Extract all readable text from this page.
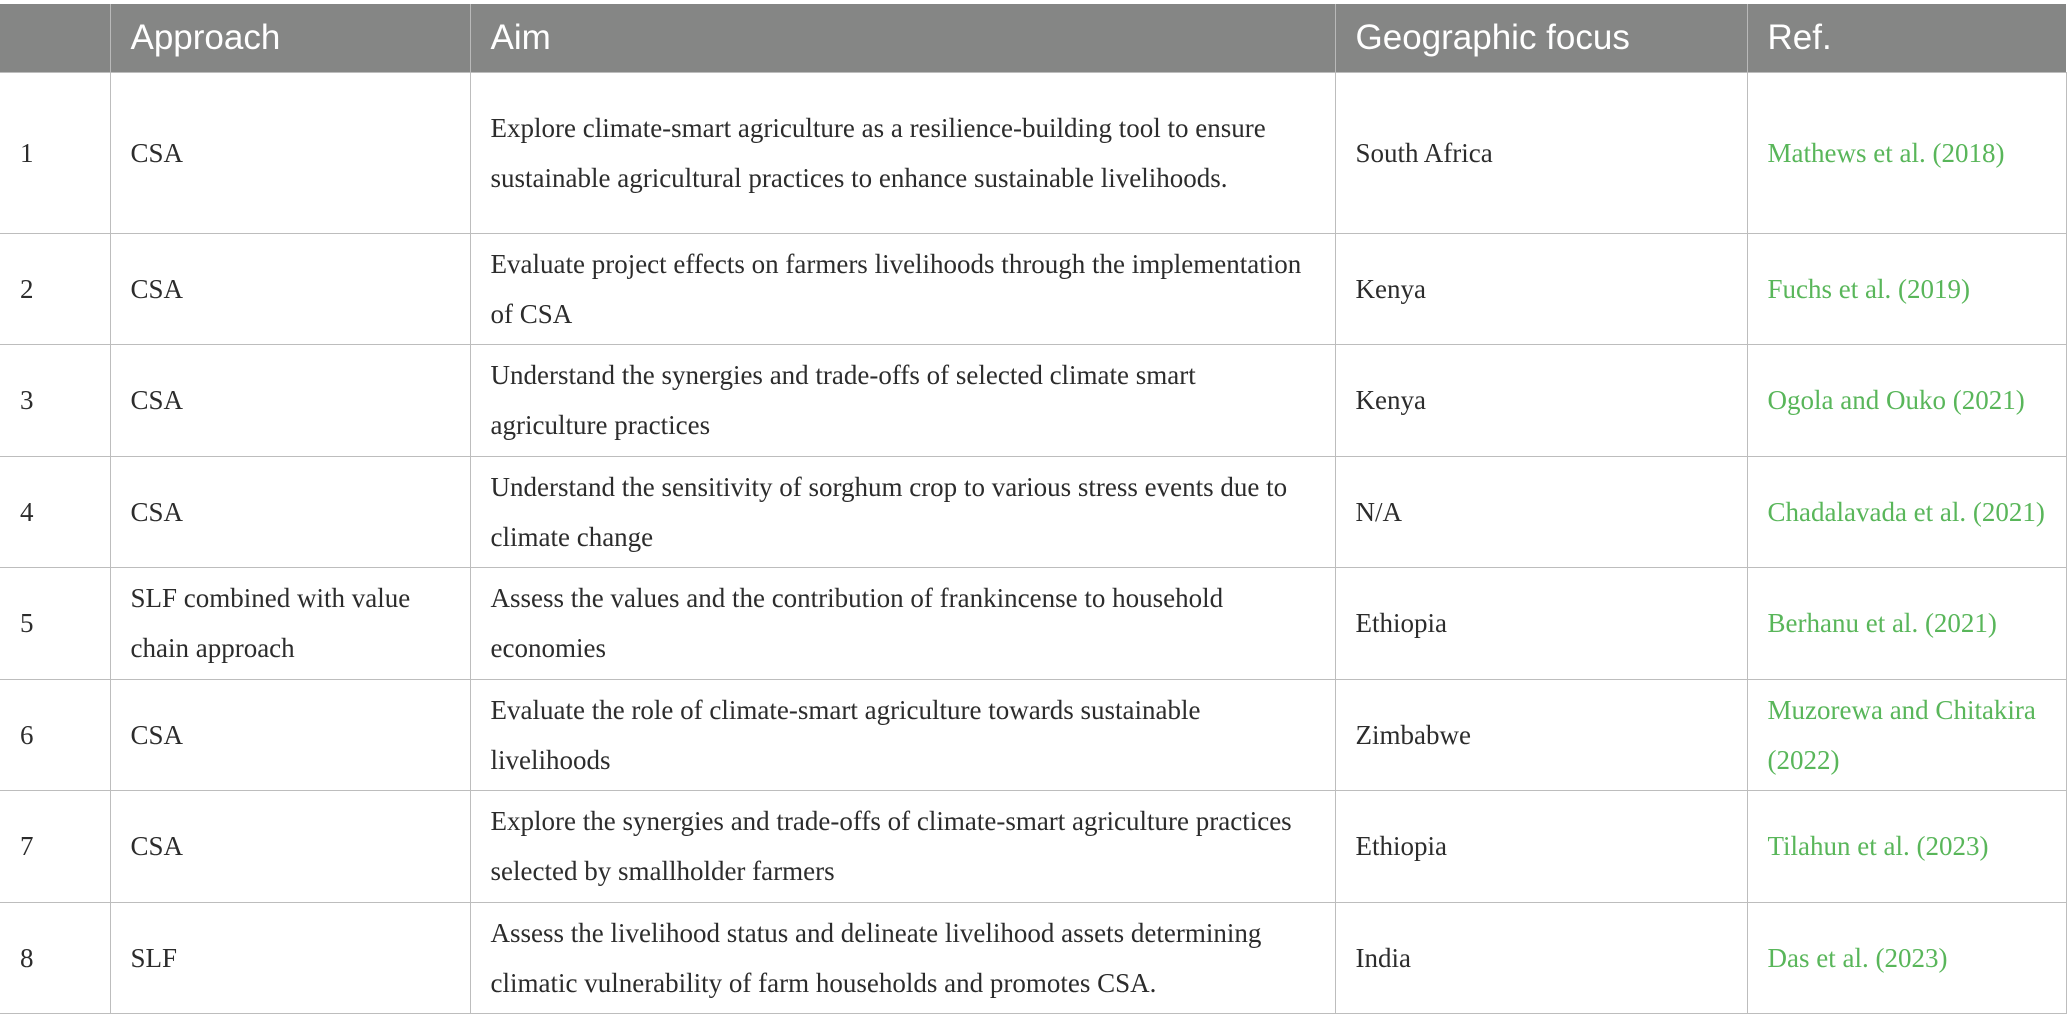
	Approach	Aim	Geographic focus	Ref.
1	CSA	Explore climate-smart agriculture as a resilience-building tool to ensure sustainable agricultural practices to enhance sustainable livelihoods.	South Africa	Mathews et al. (2018)
2	CSA	Evaluate project effects on farmers livelihoods through the implementation of CSA	Kenya	Fuchs et al. (2019)
3	CSA	Understand the synergies and trade-offs of selected climate smart agriculture practices	Kenya	Ogola and Ouko (2021)
4	CSA	Understand the sensitivity of sorghum crop to various stress events due to climate change	N/A	Chadalavada et al. (2021)
5	SLF combined with value chain approach	Assess the values and the contribution of frankincense to household economies	Ethiopia	Berhanu et al. (2021)
6	CSA	Evaluate the role of climate-smart agriculture towards sustainable livelihoods	Zimbabwe	Muzorewa and Chitakira (2022)
7	CSA	Explore the synergies and trade-offs of climate-smart agriculture practices selected by smallholder farmers	Ethiopia	Tilahun et al. (2023)
8	SLF	Assess the livelihood status and delineate livelihood assets determining climatic vulnerability of farm households and promotes CSA.	India	Das et al. (2023)
